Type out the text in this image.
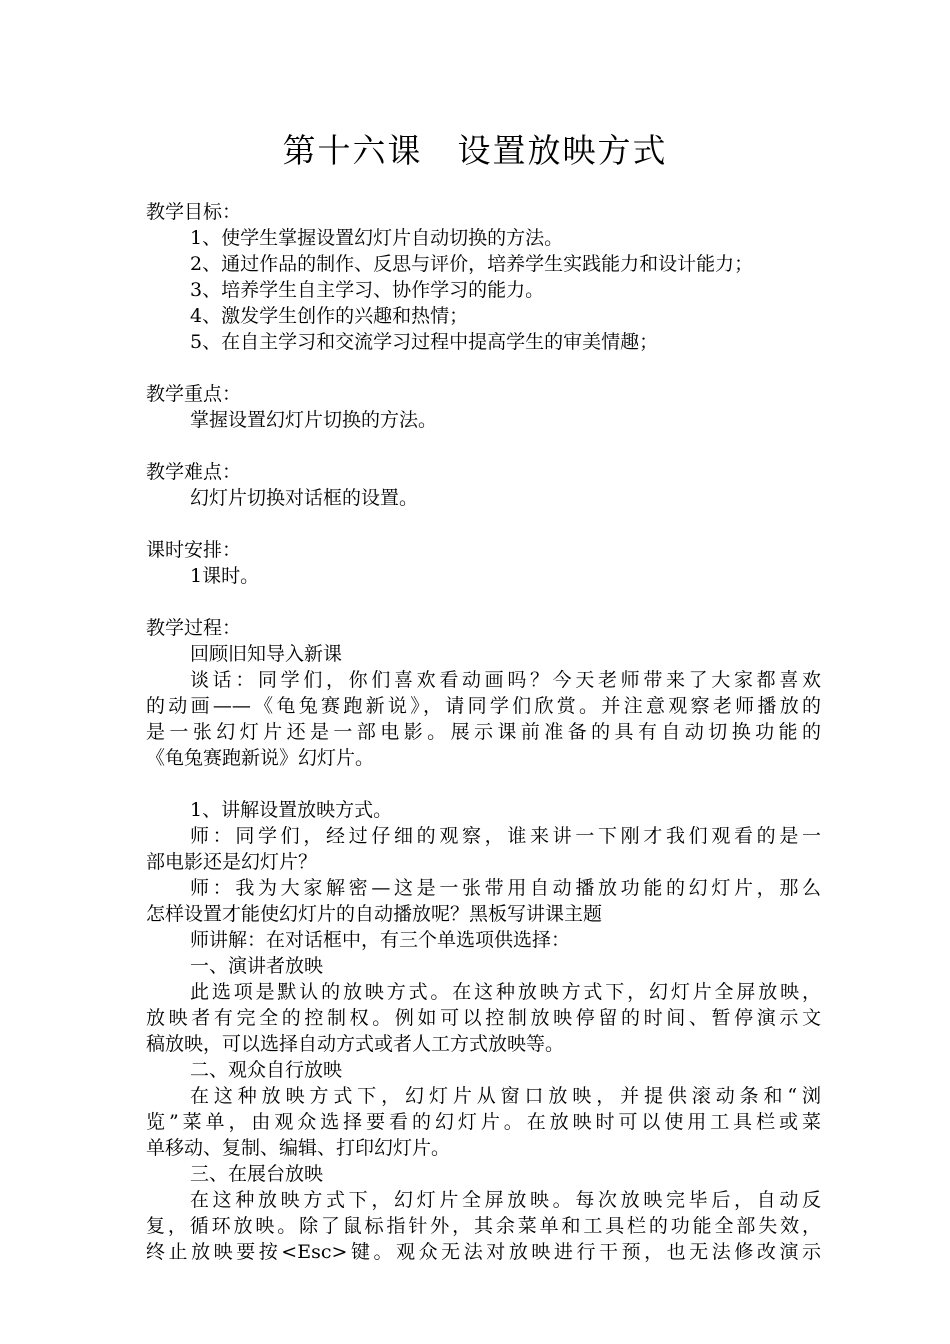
第十六课　设置放映方式
教学目标：
1、使学生掌握设置幻灯片自动切换的方法。
2、通过作品的制作、反思与评价，培养学生实践能力和设计能力；
3、培养学生自主学习、协作学习的能力。
4、激发学生创作的兴趣和热情；
5、在自主学习和交流学习过程中提高学生的审美情趣；
教学重点：
掌握设置幻灯片切换的方法。
教学难点：
幻灯片切换对话框的设置。
课时安排：
1课时。
教学过程：
回顾旧知导入新课
谈话：同学们，你们喜欢看动画吗？今天老师带来了大家都喜欢
的动画——《龟兔赛跑新说》，请同学们欣赏。并注意观察老师播放的
是一张幻灯片还是一部电影。展示课前准备的具有自动切换功能的
《龟兔赛跑新说》幻灯片。
1、讲解设置放映方式。
师：同学们，经过仔细的观察，谁来讲一下刚才我们观看的是一
部电影还是幻灯片？
师：我为大家解密—这是一张带用自动播放功能的幻灯片，那么
怎样设置才能使幻灯片的自动播放呢？黑板写讲课主题
师讲解：在对话框中，有三个单选项供选择：
一、演讲者放映
此选项是默认的放映方式。在这种放映方式下，幻灯片全屏放映，
放映者有完全的控制权。例如可以控制放映停留的时间、暂停演示文
稿放映，可以选择自动方式或者人工方式放映等。
二、观众自行放映
在这种放映方式下，幻灯片从窗口放映，并提供滚动条和“浏
览”菜单，由观众选择要看的幻灯片。在放映时可以使用工具栏或菜
单移动、复制、编辑、打印幻灯片。
三、在展台放映
在这种放映方式下，幻灯片全屏放映。每次放映完毕后，自动反
复，循环放映。除了鼠标指针外，其余菜单和工具栏的功能全部失效，
终止放映要按<Esc>键。观众无法对放映进行干预，也无法修改演示
